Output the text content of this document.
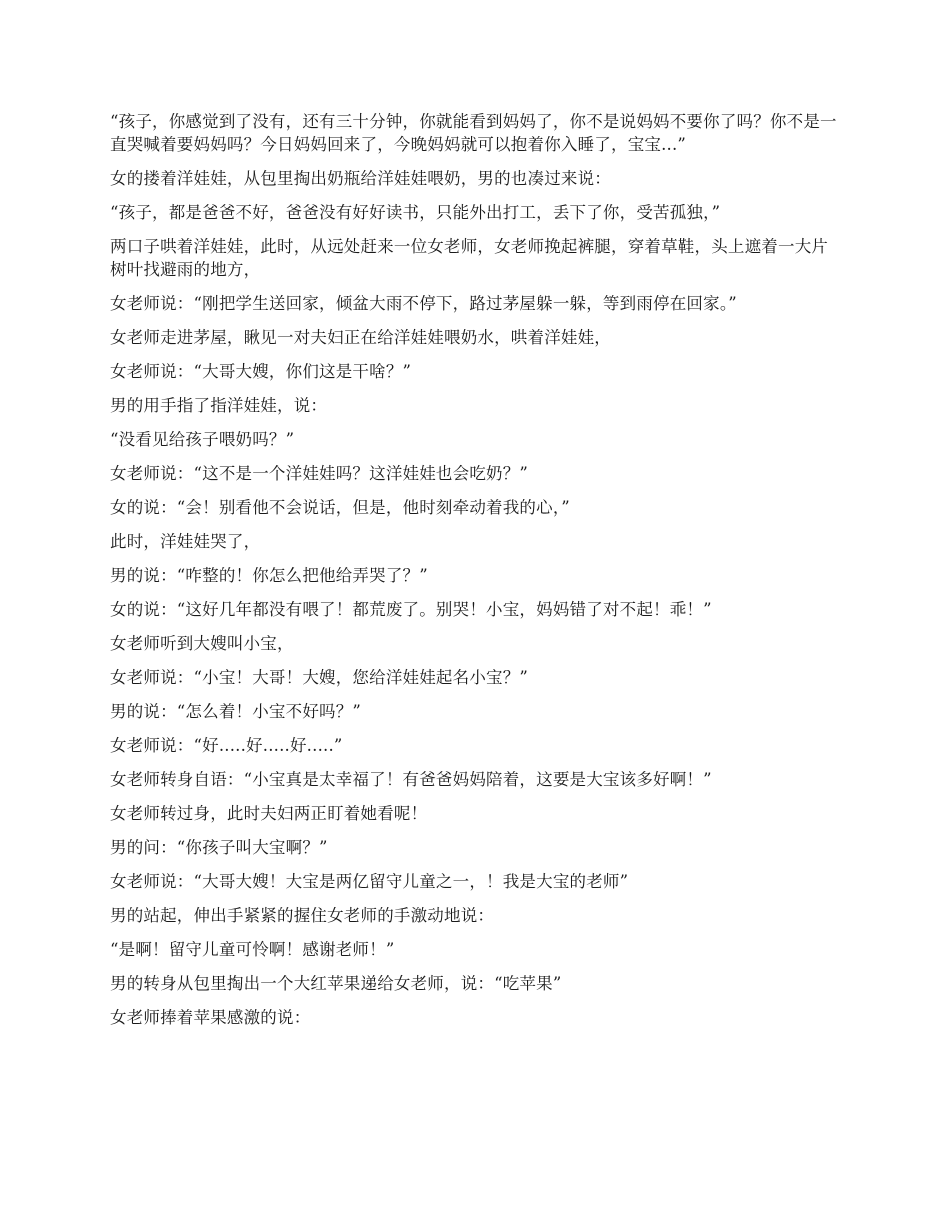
“孩子，你感觉到了没有，还有三十分钟，你就能看到妈妈了，你不是说妈妈不要你了吗？你不是一直哭喊着要妈妈吗？今日妈妈回来了，今晚妈妈就可以抱着你入睡了，宝宝...”

女的搂着洋娃娃，从包里掏出奶瓶给洋娃娃喂奶，男的也凑过来说：

“孩子，都是爸爸不好，爸爸没有好好读书，只能外出打工，丢下了你，受苦孤独，”

两口子哄着洋娃娃，此时，从远处赶来一位女老师，女老师挽起裤腿，穿着草鞋，头上遮着一大片树叶找避雨的地方，

女老师说：“刚把学生送回家，倾盆大雨不停下，路过茅屋躲一躲，等到雨停在回家。”

女老师走进茅屋，瞅见一对夫妇正在给洋娃娃喂奶水，哄着洋娃娃，

女老师说：“大哥大嫂，你们这是干啥？”

男的用手指了指洋娃娃，说：

“没看见给孩子喂奶吗？”

女老师说：“这不是一个洋娃娃吗？这洋娃娃也会吃奶？”

女的说：“会！别看他不会说话，但是，他时刻牵动着我的心，”

此时，洋娃娃哭了，

男的说：“咋整的！你怎么把他给弄哭了？”

女的说：“这好几年都没有喂了！都荒废了。别哭！小宝，妈妈错了对不起！乖！”

女老师听到大嫂叫小宝，

女老师说：“小宝！大哥！大嫂，您给洋娃娃起名小宝？”

男的说：“怎么着！小宝不好吗？”

女老师说：“好.....好.....好.....”

女老师转身自语：“小宝真是太幸福了！有爸爸妈妈陪着，这要是大宝该多好啊！”

女老师转过身，此时夫妇两正盯着她看呢！

男的问：“你孩子叫大宝啊？”

女老师说：“大哥大嫂！大宝是两亿留守儿童之一，！我是大宝的老师”

男的站起，伸出手紧紧的握住女老师的手激动地说：

“是啊！留守儿童可怜啊！感谢老师！”

男的转身从包里掏出一个大红苹果递给女老师，说：“吃苹果”

女老师捧着苹果感激的说：
